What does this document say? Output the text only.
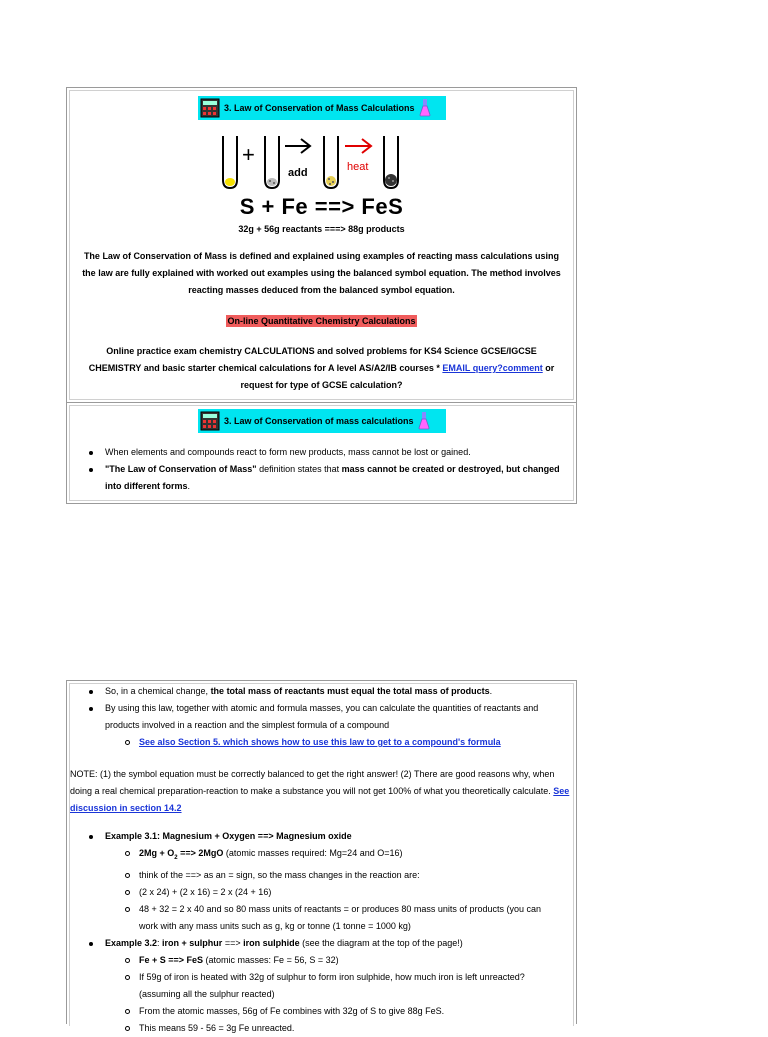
3. Law of Conservation of Mass Calculations
+
add	heat
S + Fe ==> FeS
32g + 56g reactants ===> 88g products
The Law of Conservation of Mass is defined and explained using examples of reacting mass calculations using the law are fully explained with worked out examples using the balanced symbol equation. The method involves reacting masses deduced from the balanced symbol equation.
On-line Quantitative Chemistry Calculations
Online practice exam chemistry CALCULATIONS and solved problems for KS4 Science GCSE/IGCSE CHEMISTRY and basic starter chemical calculations for A level AS/A2/IB courses * EMAIL query?comment or request for type of GCSE calculation?
3. Law of Conservation of mass calculations
When elements and compounds react to form new products, mass cannot be lost or gained.
"The Law of Conservation of Mass" definition states that mass cannot be created or destroyed, but changed into different forms.
So, in a chemical change, the total mass of reactants must equal the total mass of products.
By using this law, together with atomic and formula masses, you can calculate the quantities of reactants and products involved in a reaction and the simplest formula of a compound
See also Section 5. which shows how to use this law to get to a compound's formula
NOTE: (1) the symbol equation must be correctly balanced to get the right answer! (2) There are good reasons why, when doing a real chemical preparation-reaction to make a substance you will not get 100% of what you theoretically calculate. See discussion in section 14.2
Example 3.1: Magnesium + Oxygen ==> Magnesium oxide
$2Mg + O_2$ ==> 2MgO (atomic masses required: Mg=24 and O=16)
think of the ==> as an = sign, so the mass changes in the reaction are:
(2 x 24) + (2 x 16) = 2 x (24 + 16)
48 + 32 = 2 x 40 and so 80 mass units of reactants = or produces 80 mass units of products (you can work with any mass units such as g, kg or tonne (1 tonne = 1000 kg)
Example 3.2: iron + sulphur ==> iron sulphide (see the diagram at the top of the page!)
Fe + S ==> FeS (atomic masses: Fe = 56, S = 32)
If 59g of iron is heated with 32g of sulphur to form iron sulphide, how much iron is left unreacted? (assuming all the sulphur reacted)
From the atomic masses, 56g of Fe combines with 32g of S to give 88g FeS.
This means 59 - 56 = 3g Fe unreacted.
